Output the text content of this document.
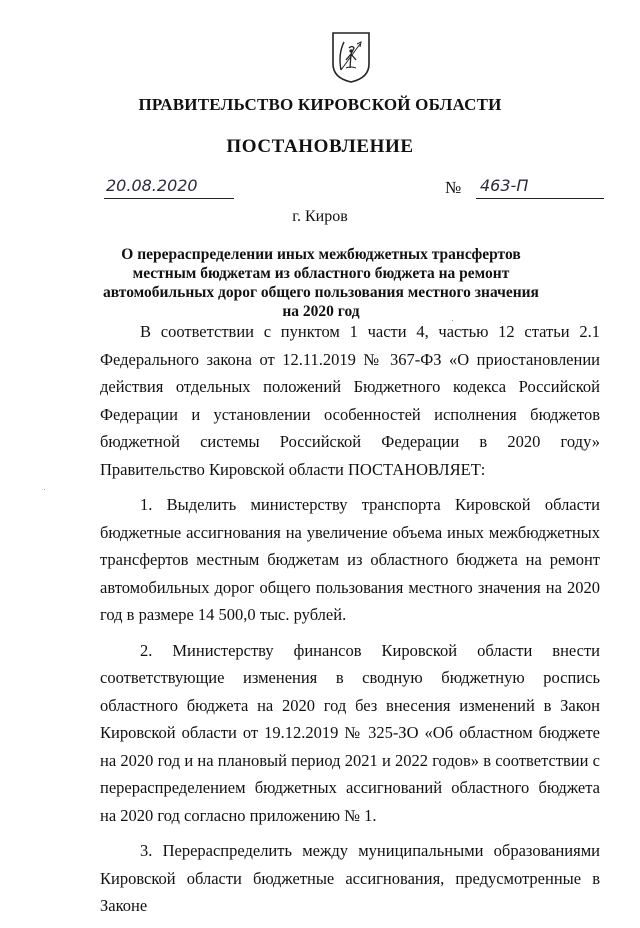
ПРАВИТЕЛЬСТВО КИРОВСКОЙ ОБЛАСТИ
ПОСТАНОВЛЕНИЕ
20.08.2020	№ 463-П
г. Киров
О перераспределении иных межбюджетных трансфертов местным бюджетам из областного бюджета на ремонт автомобильных дорог общего пользования местного значения на 2020 год

В соответствии с пунктом 1 части 4, частью 12 статьи 2.1 Федерального закона от 12.11.2019 № 367-ФЗ «О приостановлении действия отдельных положений Бюджетного кодекса Российской Федерации и установлении особенностей исполнения бюджетов бюджетной системы Российской Федерации в 2020 году» Правительство Кировской области ПОСТАНОВЛЯЕТ:

1. Выделить министерству транспорта Кировской области бюджетные ассигнования на увеличение объема иных межбюджетных трансфертов местным бюджетам из областного бюджета на ремонт автомобильных дорог общего пользования местного значения на 2020 год в размере 14 500,0 тыс. рублей.

2. Министерству финансов Кировской области внести соответствующие изменения в сводную бюджетную роспись областного бюджета на 2020 год без внесения изменений в Закон Кировской области от 19.12.2019 № 325-ЗО «Об областном бюджете на 2020 год и на плановый период 2021 и 2022 годов» в соответствии с перераспределением бюджетных ассигнований областного бюджета на 2020 год согласно приложению № 1.

3. Перераспределить между муниципальными образованиями Кировской области бюджетные ассигнования, предусмотренные в Законе
